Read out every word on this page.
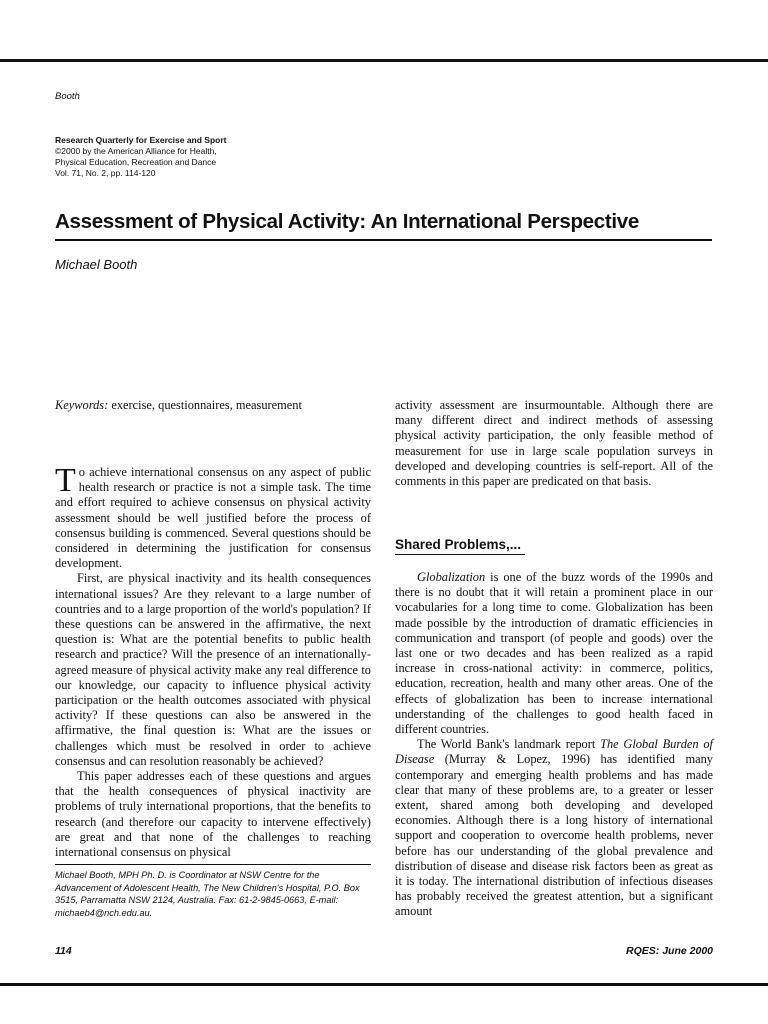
Booth
Research Quarterly for Exercise and Sport
©2000 by the American Alliance for Health,
Physical Education, Recreation and Dance
Vol. 71, No. 2, pp. 114-120
Assessment of Physical Activity: An International Perspective
Michael Booth
Keywords: exercise, questionnaires, measurement

To achieve international consensus on any aspect of public health research or practice is not a simple task. The time and effort required to achieve consensus on physical activity assessment should be well justified before the process of consensus building is commenced. Several questions should be considered in determining the justification for consensus development.

First, are physical inactivity and its health consequences international issues? Are they relevant to a large number of countries and to a large proportion of the world's population? If these questions can be answered in the affirmative, the next question is: What are the potential benefits to public health research and practice? Will the presence of an internationally-agreed measure of physical activity make any real difference to our knowledge, our capacity to influence physical activity participation or the health outcomes associated with physical activity? If these questions can also be answered in the affirmative, the final question is: What are the issues or challenges which must be resolved in order to achieve consensus and can resolution reasonably be achieved?

This paper addresses each of these questions and argues that the health consequences of physical inactivity are problems of truly international proportions, that the benefits to research (and therefore our capacity to intervene effectively) are great and that none of the challenges to reaching international consensus on physical

activity assessment are insurmountable. Although there are many different direct and indirect methods of assessing physical activity participation, the only feasible method of measurement for use in large scale population surveys in developed and developing countries is self-report. All of the comments in this paper are predicated on that basis.

Shared Problems,...

Globalization is one of the buzz words of the 1990s and there is no doubt that it will retain a prominent place in our vocabularies for a long time to come. Globalization has been made possible by the introduction of dramatic efficiencies in communication and transport (of people and goods) over the last one or two decades and has been realized as a rapid increase in cross-national activity: in commerce, politics, education, recreation, health and many other areas. One of the effects of globalization has been to increase international understanding of the challenges to good health faced in different countries.

The World Bank's landmark report The Global Burden of Disease (Murray & Lopez, 1996) has identified many contemporary and emerging health problems and has made clear that many of these problems are, to a greater or lesser extent, shared among both developing and developed economies. Although there is a long history of international support and cooperation to overcome health problems, never before has our understanding of the global prevalence and distribution of disease and disease risk factors been as great as it is today. The international distribution of infectious diseases has probably received the greatest attention, but a significant amount

Michael Booth, MPH Ph. D. is Coordinator at NSW Centre for the Advancement of Adolescent Health, The New Children's Hospital, P.O. Box 3515, Parramatta NSW 2124, Australia. Fax: 61-2-9845-0663, E-mail: michaeb4@nch.edu.au.
114	RQES: June 2000
